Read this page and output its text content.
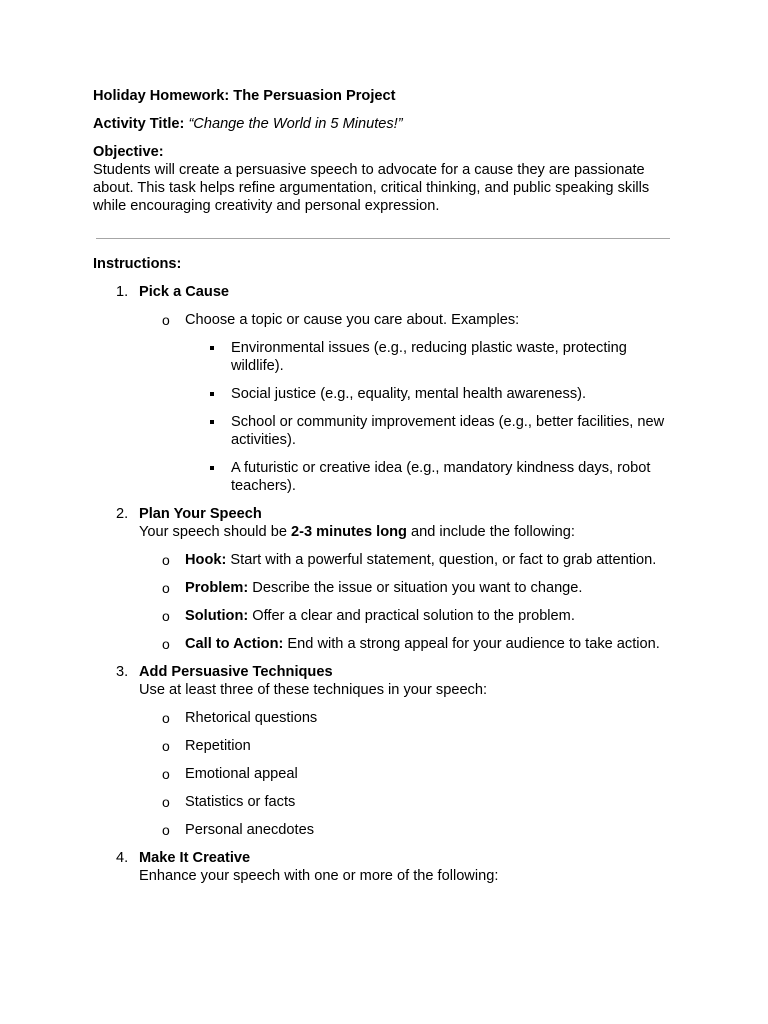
Holiday Homework: The Persuasion Project

Activity Title: “Change the World in 5 Minutes!”

Objective:

Students will create a persuasive speech to advocate for a cause they are passionate about. This task helps refine argumentation, critical thinking, and public speaking skills while encouraging creativity and personal expression.

Instructions:

1. Pick a Cause
o Choose a topic or cause you care about. Examples:
Environmental issues (e.g., reducing plastic waste, protecting wildlife).
Social justice (e.g., equality, mental health awareness).
School or community improvement ideas (e.g., better facilities, new activities).
A futuristic or creative idea (e.g., mandatory kindness days, robot teachers).
2. Plan Your Speech
Your speech should be 2-3 minutes long and include the following:
o Hook: Start with a powerful statement, question, or fact to grab attention.
o Problem: Describe the issue or situation you want to change.
o Solution: Offer a clear and practical solution to the problem.
o Call to Action: End with a strong appeal for your audience to take action.
3. Add Persuasive Techniques
Use at least three of these techniques in your speech:
o Rhetorical questions
o Repetition
o Emotional appeal
o Statistics or facts
o Personal anecdotes
4. Make It Creative
Enhance your speech with one or more of the following:
